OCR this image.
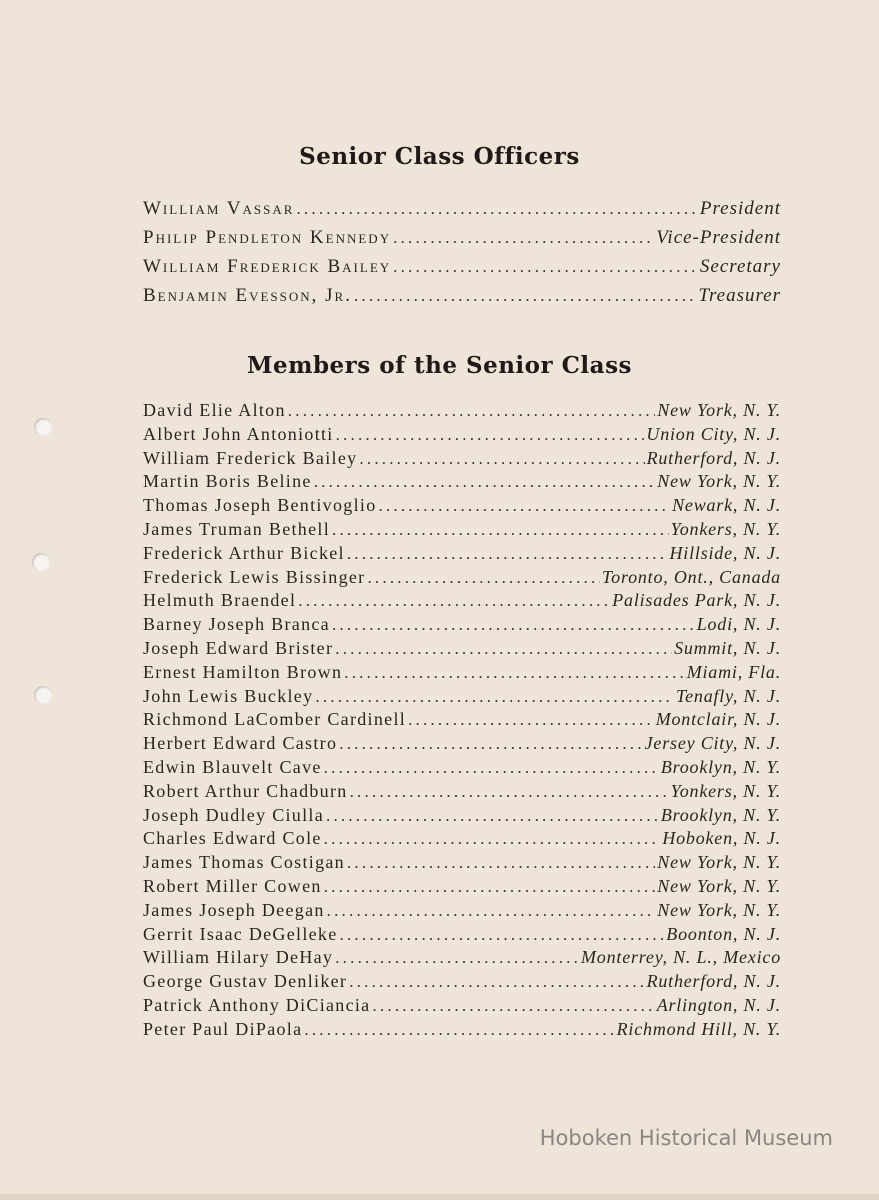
Senior Class Officers
William Vassar .....	President
Philip Pendleton Kennedy .....	Vice-President
William Frederick Bailey .....	Secretary
Benjamin Evesson, Jr. .....	Treasurer
Members of the Senior Class
David Elie Alton .....	New York, N. Y.
Albert John Antoniotti .....	Union City, N. J.
William Frederick Bailey .....	Rutherford, N. J.
Martin Boris Beline .....	New York, N. Y.
Thomas Joseph Bentivoglio .....	Newark, N. J.
James Truman Bethell .....	Yonkers, N. Y.
Frederick Arthur Bickel .....	Hillside, N. J.
Frederick Lewis Bissinger .....	Toronto, Ont., Canada
Helmuth Braendel .....	Palisades Park, N. J.
Barney Joseph Branca .....	Lodi, N. J.
Joseph Edward Brister .....	Summit, N. J.
Ernest Hamilton Brown .....	Miami, Fla.
John Lewis Buckley .....	Tenafly, N. J.
Richmond LaComber Cardinell .....	Montclair, N. J.
Herbert Edward Castro .....	Jersey City, N. J.
Edwin Blauvelt Cave .....	Brooklyn, N. Y.
Robert Arthur Chadburn .....	Yonkers, N. Y.
Joseph Dudley Ciulla .....	Brooklyn, N. Y.
Charles Edward Cole .....	Hoboken, N. J.
James Thomas Costigan .....	New York, N. Y.
Robert Miller Cowen .....	New York, N. Y.
James Joseph Deegan .....	New York, N. Y.
Gerrit Isaac DeGelleke .....	Boonton, N. J.
William Hilary DeHay .....	Monterrey, N. L., Mexico
George Gustav Denliker .....	Rutherford, N. J.
Patrick Anthony DiCiancia .....	Arlington, N. J.
Peter Paul DiPaola .....	Richmond Hill, N. Y.
Hoboken Historical Museum
